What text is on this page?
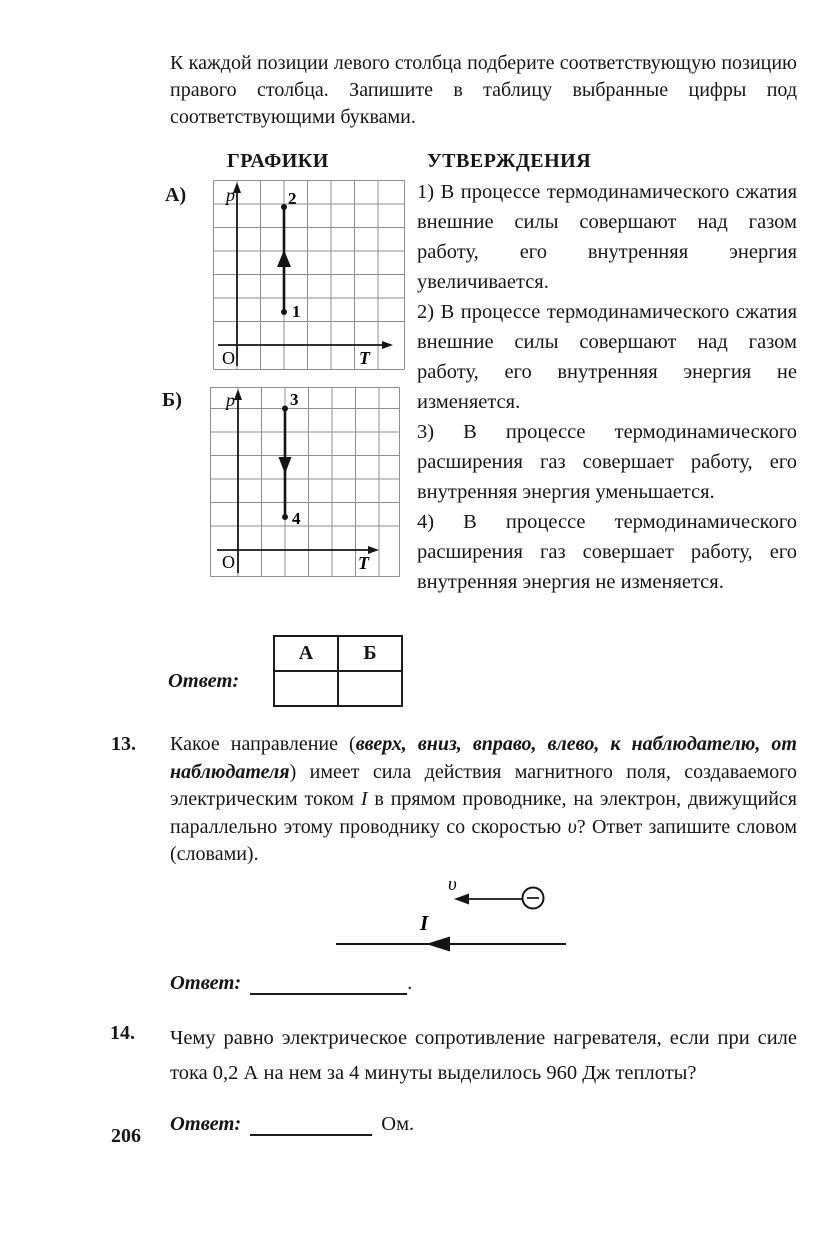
К каждой позиции левого столбца подберите соответствующую позицию правого столбца. Запишите в таблицу выбранные цифры под соответствующими буквами.
ГРАФИКИ	УТВЕРЖДЕНИЯ
А) p	2
1
O	T
Б) p	3
4
O	T

1) В процессе термодинамического сжатия внешние силы совершают над газом работу, его внутренняя энергия увеличивается.

2) В процессе термодинамического сжатия внешние силы совершают над газом работу, его внутренняя энергия не изменяется.

3) В процессе термодинамического расширения газ совершает работу, его внутренняя энергия уменьшается.

4) В процессе термодинамического расширения газ совершает работу, его внутренняя энергия не изменяется.

Ответ:
А	Б

13. Какое направление (вверх, вниз, вправо, влево, к наблюдателю, от наблюдателя) имеет сила действия магнитного поля, создаваемого электрическим током I в прямом проводнике, на электрон, движущийся параллельно этому проводнику со скоростью υ? Ответ запишите словом (словами).
υ
I
Ответ:	.
14. Чему равно электрическое сопротивление нагревателя, если при силе тока 0,2 А на нем за 4 минуты выделилось 960 Дж теплоты?
Ответ:	Ом.
206
